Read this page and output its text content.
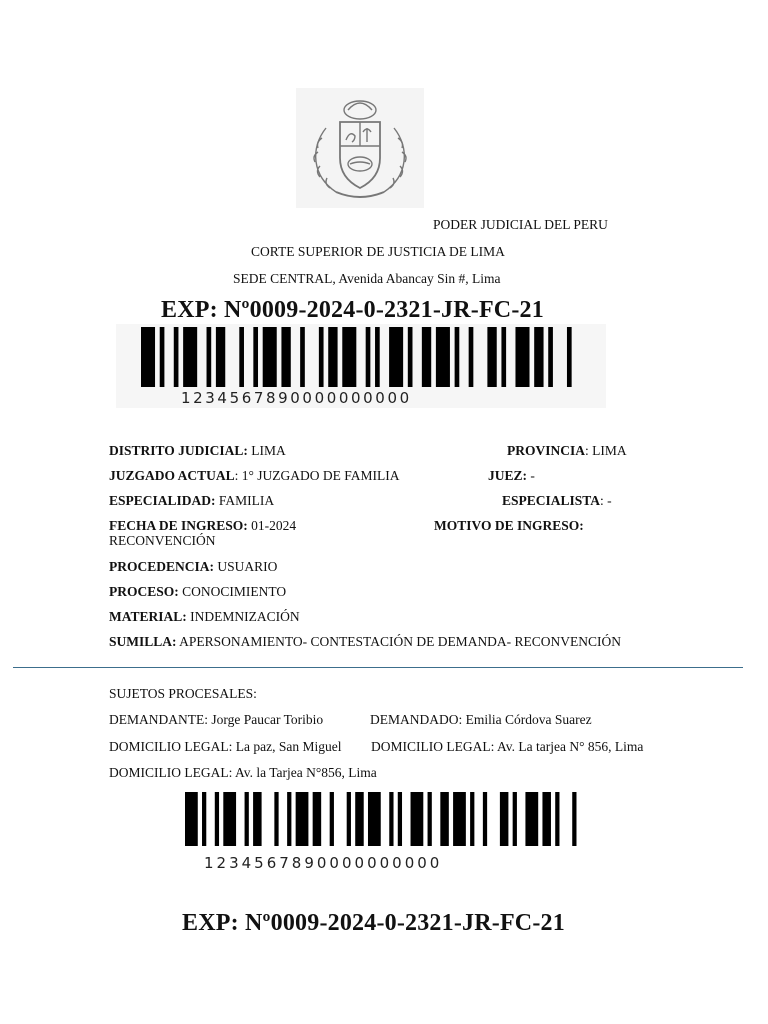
PODER JUDICIAL DEL PERU
CORTE SUPERIOR DE JUSTICIA DE LIMA
SEDE CENTRAL, Avenida Abancay Sin #, Lima
EXP: Nº0009-2024-0-2321-JR-FC-21
1234567890000000000
DISTRITO JUDICIAL: LIMA	PROVINCIA: LIMA
JUZGADO ACTUAL: 1° JUZGADO DE FAMILIA	JUEZ: -
ESPECIALIDAD: FAMILIA	ESPECIALISTA: -
FECHA DE INGRESO: 01-2024	MOTIVO DE INGRESO:
RECONVENCIÓN
PROCEDENCIA: USUARIO
PROCESO: CONOCIMIENTO
MATERIAL: INDEMNIZACIÓN
SUMILLA: APERSONAMIENTO- CONTESTACIÓN DE DEMANDA- RECONVENCIÓN
SUJETOS PROCESALES:
DEMANDANTE: Jorge Paucar Toribio	DEMANDADO: Emilia Córdova Suarez
DOMICILIO LEGAL: La paz, San Miguel DOMICILIO LEGAL: Av. La tarjea N° 856, Lima
DOMICILIO LEGAL: Av. la Tarjea N°856, Lima
1234567890000000000
EXP: Nº0009-2024-0-2321-JR-FC-21
